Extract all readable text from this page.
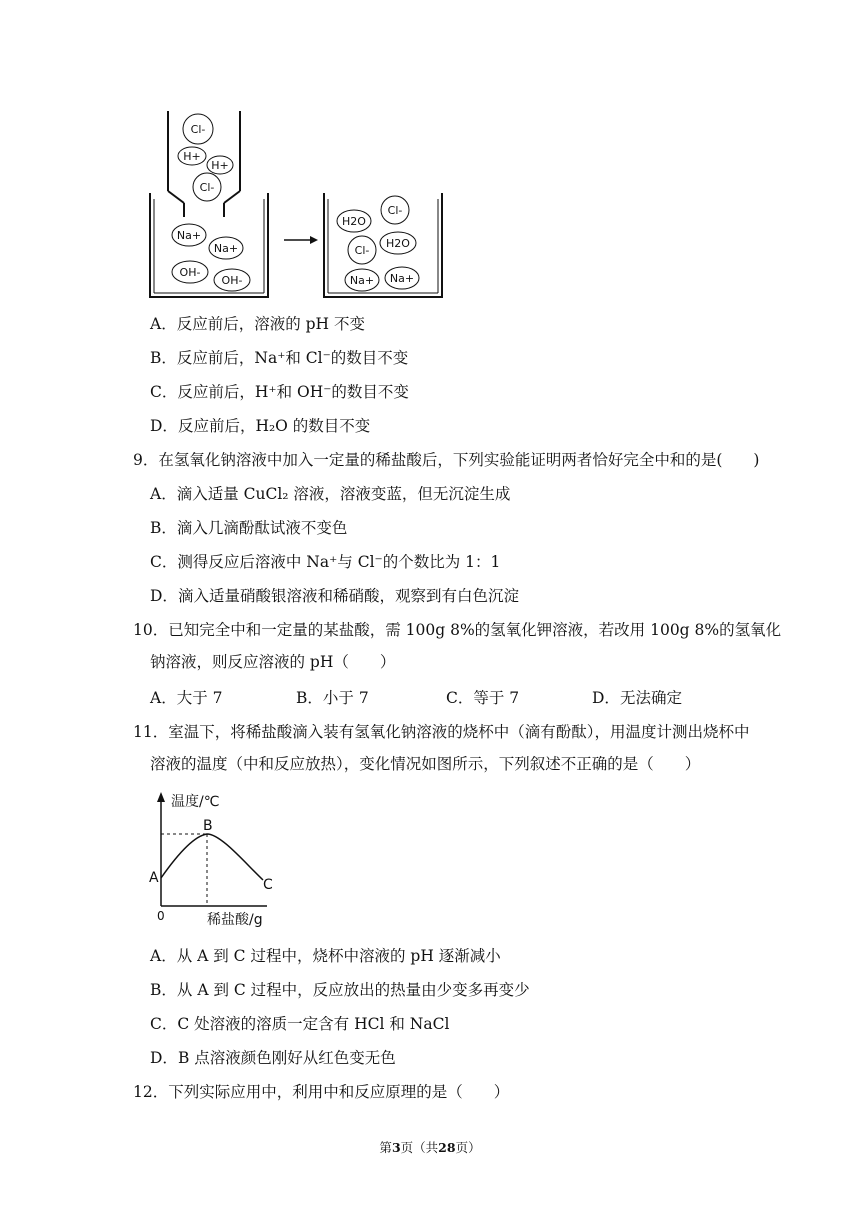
Cl-
H+
H+
Cl-
Na+
Na+
OH-
OH-
H2O
Cl-
Cl-
H2O
Na+ Na+
A．反应前后，溶液的 pH 不变
B．反应前后，Na⁺和 Cl⁻的数目不变
C．反应前后，H⁺和 OH⁻的数目不变
D．反应前后，H₂O 的数目不变
9．在氢氧化钠溶液中加入一定量的稀盐酸后，下列实验能证明两者恰好完全中和的是(　　)
A．滴入适量 CuCl₂ 溶液，溶液变蓝，但无沉淀生成
B．滴入几滴酚酞试液不变色
C．测得反应后溶液中 Na⁺与 Cl⁻的个数比为 1：1
D．滴入适量硝酸银溶液和稀硝酸，观察到有白色沉淀
10．已知完全中和一定量的某盐酸，需 100g 8%的氢氧化钾溶液，若改用 100g 8%的氢氧化
钠溶液，则反应溶液的 pH（　　）
A．大于 7	B．小于 7	C．等于 7	D．无法确定
11．室温下，将稀盐酸滴入装有氢氧化钠溶液的烧杯中（滴有酚酞），用温度计测出烧杯中
溶液的温度（中和反应放热），变化情况如图所示，下列叙述不正确的是（　　）
温度/℃
B
A	C
0	稀盐酸/g
A．从 A 到 C 过程中，烧杯中溶液的 pH 逐渐减小
B．从 A 到 C 过程中，反应放出的热量由少变多再变少
C．C 处溶液的溶质一定含有 HCl 和 NaCl
D．B 点溶液颜色刚好从红色变无色
12．下列实际应用中，利用中和反应原理的是（　　）
第3页（共28页）
